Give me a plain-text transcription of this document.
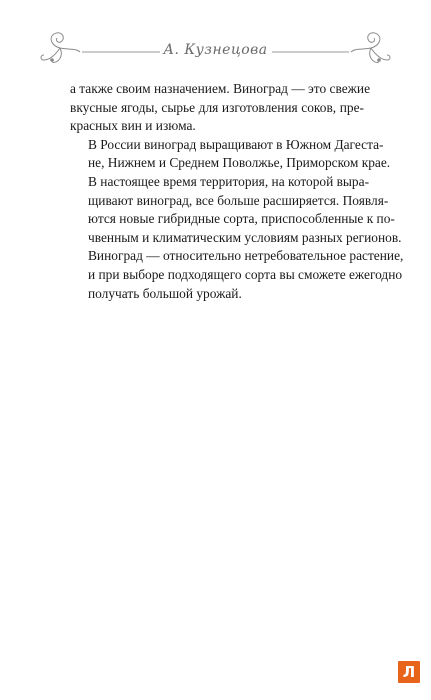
А. Кузнецова

а также своим назначением. Виноград — это свежие
вкусные ягоды, сырье для изготовления соков, пре-
красных вин и изюма.

В России виноград выращивают в Южном Дагеста-
не, Нижнем и Среднем Поволжье, Приморском крае.

В настоящее время территория, на которой выра-
щивают виноград, все больше расширяется. Появля-
ются новые гибридные сорта, приспособленные к по-
чвенным и климатическим условиям разных регионов.
Виноград — относительно нетребовательное растение,
и при выборе подходящего сорта вы сможете ежегодно
получать большой урожай.

Л
